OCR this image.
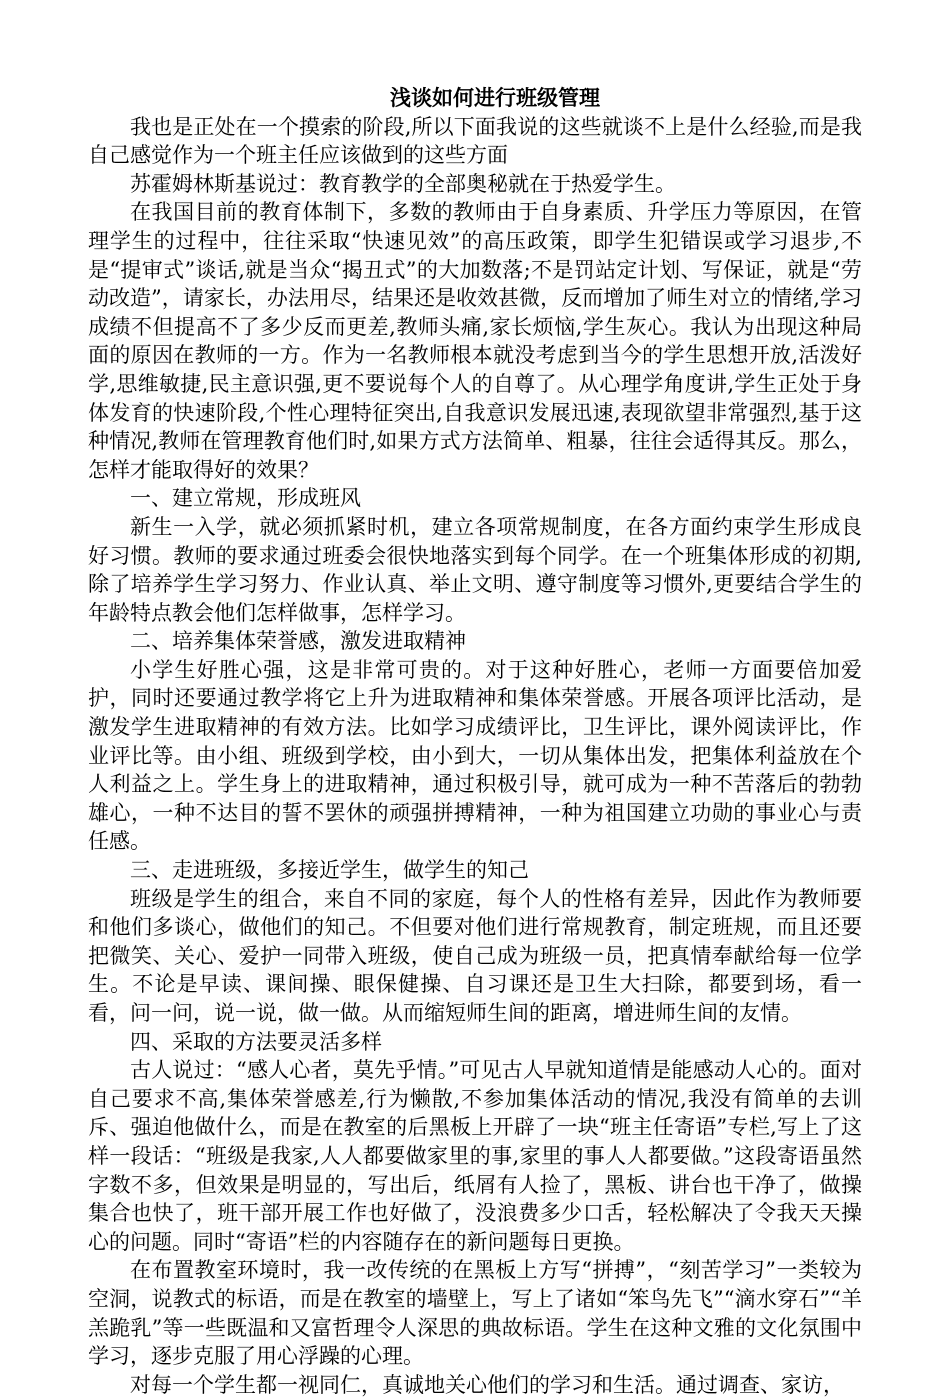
浅谈如何进行班级管理

我也是正处在一个摸索的阶段,所以下面我说的这些就谈不上是什么经验,而是我自己感觉作为一个班主任应该做到的这些方面

苏霍姆林斯基说过：教育教学的全部奥秘就在于热爱学生。

在我国目前的教育体制下，多数的教师由于自身素质、升学压力等原因，在管理学生的过程中，往往采取“快速见效”的高压政策，即学生犯错误或学习退步,不是“提审式”谈话,就是当众“揭丑式”的大加数落;不是罚站定计划、写保证，就是“劳动改造”，请家长，办法用尽，结果还是收效甚微，反而增加了师生对立的情绪,学习成绩不但提高不了多少反而更差,教师头痛,家长烦恼,学生灰心。我认为出现这种局面的原因在教师的一方。作为一名教师根本就没考虑到当今的学生思想开放,活泼好学,思维敏捷,民主意识强,更不要说每个人的自尊了。从心理学角度讲,学生正处于身体发育的快速阶段,个性心理特征突出,自我意识发展迅速,表现欲望非常强烈,基于这种情况,教师在管理教育他们时,如果方式方法简单、粗暴，往往会适得其反。那么，怎样才能取得好的效果？

一、建立常规，形成班风

新生一入学，就必须抓紧时机，建立各项常规制度，在各方面约束学生形成良好习惯。教师的要求通过班委会很快地落实到每个同学。在一个班集体形成的初期,除了培养学生学习努力、作业认真、举止文明、遵守制度等习惯外,更要结合学生的年龄特点教会他们怎样做事，怎样学习。

二、培养集体荣誉感，激发进取精神

小学生好胜心强，这是非常可贵的。对于这种好胜心，老师一方面要倍加爱护，同时还要通过教学将它上升为进取精神和集体荣誉感。开展各项评比活动，是激发学生进取精神的有效方法。比如学习成绩评比，卫生评比，课外阅读评比，作业评比等。由小组、班级到学校，由小到大，一切从集体出发，把集体利益放在个人利益之上。学生身上的进取精神，通过积极引导，就可成为一种不苦落后的勃勃雄心，一种不达目的誓不罢休的顽强拼搏精神，一种为祖国建立功勋的事业心与责任感。

三、走进班级，多接近学生，做学生的知己

班级是学生的组合，来自不同的家庭，每个人的性格有差异，因此作为教师要和他们多谈心，做他们的知己。不但要对他们进行常规教育，制定班规，而且还要把微笑、关心、爱护一同带入班级，使自己成为班级一员，把真情奉献给每一位学生。不论是早读、课间操、眼保健操、自习课还是卫生大扫除，都要到场，看一看，问一问，说一说，做一做。从而缩短师生间的距离，增进师生间的友情。

四、采取的方法要灵活多样

古人说过：“感人心者，莫先乎情。”可见古人早就知道情是能感动人心的。面对自己要求不高,集体荣誉感差,行为懒散,不参加集体活动的情况,我没有简单的去训斥、强迫他做什么，而是在教室的后黑板上开辟了一块“班主任寄语”专栏,写上了这样一段话：“班级是我家,人人都要做家里的事,家里的事人人都要做。”这段寄语虽然字数不多，但效果是明显的，写出后，纸屑有人捡了，黑板、讲台也干净了，做操集合也快了，班干部开展工作也好做了，没浪费多少口舌，轻松解决了令我天天操心的问题。同时“寄语”栏的内容随存在的新问题每日更换。

在布置教室环境时，我一改传统的在黑板上方写“拼搏”，“刻苦学习”一类较为空洞，说教式的标语，而是在教室的墙壁上，写上了诸如“笨鸟先飞”“滴水穿石”“羊羔跪乳”等一些既温和又富哲理令人深思的典故标语。学生在这种文雅的文化氛围中学习，逐步克服了用心浮躁的心理。

对每一个学生都一视同仁，真诚地关心他们的学习和生活。通过调查、家访，
